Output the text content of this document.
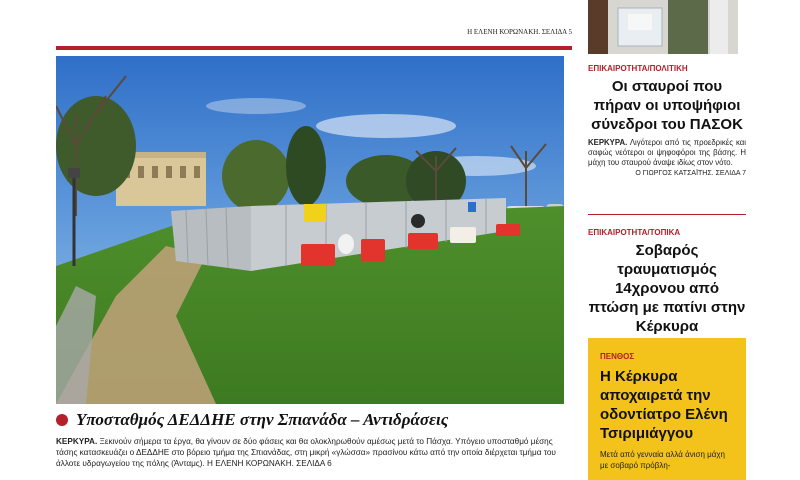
Η ΕΛΕΝΗ ΚΟΡΩΝΑΚΗ. ΣΕΛΙΔΑ 5
Υποσταθμός ΔΕΔΔΗΕ στην Σπιανάδα – Αντιδράσεις

ΚΕΡΚΥΡΑ. Ξεκινούν σήμερα τα έργα, θα γίνουν σε δύο φάσεις και θα ολοκληρωθούν αμέσως μετά το Πάσχα. Υπόγειο υποσταθμό μέσης τάσης κατασκευάζει ο ΔΕΔΔΗΕ στο βόρειο τμήμα της Σπιανάδας, στη μικρή «γλώσσα» πρασίνου κάτω από την οποία διέρχεται τμήμα του άλλοτε υδραγωγείου της πόλης (Άνταμς). Η ΕΛΕΝΗ ΚΟΡΩΝΑΚΗ. ΣΕΛΙΔΑ 6

ΕΠΙΚΑΙΡΟΤΗΤΑ/ΠΟΛΙΤΙΚΗ
Οι σταυροί που πήραν οι υποψήφιοι σύνεδροι του ΠΑΣΟΚ

ΚΕΡΚΥΡΑ. Λιγότεροι από τις προεδρικές και σαφώς νεότεροι οι ψηφοφόροι της βάσης. Η μάχη του σταυρού άναψε ιδίως στον νότο.

Ο ΓΙΩΡΓΟΣ ΚΑΤΣΑΪΤΗΣ. ΣΕΛΙΔΑ 7
ΕΠΙΚΑΙΡΟΤΗΤΑ/ΤΟΠΙΚΑ
Σοβαρός τραυματισμός 14χρονου από πτώση με πατίνι στην Κέρκυρα
ΠΕΝΘΟΣ
Η Κέρκυρα αποχαιρετά την οδοντίατρο Ελένη Τσιριμιάγγου

Μετά από γενναία αλλά άνιση μάχη με σοβαρό πρόβλη-
